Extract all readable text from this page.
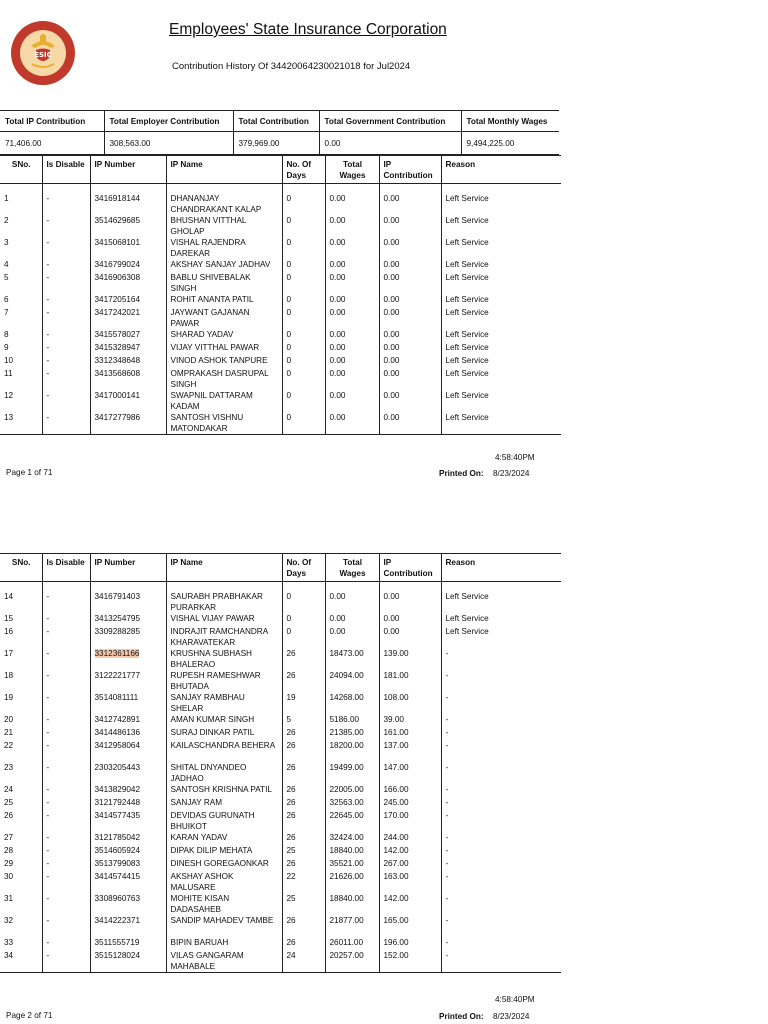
ESIC
Employees' State Insurance Corporation
Contribution History Of 34420064230021018 for Jul2024
Total IP Contribution	Total Employer Contribution	Total Contribution	Total Government Contribution	Total Monthly Wages
71,406.00	308,563.00	379,969.00	0.00	9,494,225.00
SNo.	Is Disable	IP Number	IP Name	No. Of Days	Total Wages	IP Contribution	Reason
1	-	3416918144	DHANANJAY CHANDRAKANT KALAP	0	0.00	0.00	Left Service
2	-	3514629685	BHUSHAN VITTHAL GHOLAP	0	0.00	0.00	Left Service
3	-	3415068101	VISHAL RAJENDRA DAREKAR	0	0.00	0.00	Left Service
4	-	3416799024	AKSHAY SANJAY JADHAV	0	0.00	0.00	Left Service
5	-	3416906308	BABLU SHIVEBALAK SINGH	0	0.00	0.00	Left Service
6	-	3417205164	ROHIT ANANTA PATIL	0	0.00	0.00	Left Service
7	-	3417242021	JAYWANT GAJANAN PAWAR	0	0.00	0.00	Left Service
8	-	3415578027	SHARAD YADAV	0	0.00	0.00	Left Service
9	-	3415328947	VIJAY VITTHAL PAWAR	0	0.00	0.00	Left Service
10	-	3312348648	VINOD ASHOK TANPURE	0	0.00	0.00	Left Service
11	-	3413568608	OMPRAKASH DASRUPAL SINGH	0	0.00	0.00	Left Service
12	-	3417000141	SWAPNIL DATTARAM KADAM	0	0.00	0.00	Left Service
13	-	3417277986	SANTOSH VISHNU MATONDAKAR	0	0.00	0.00	Left Service
4:58:40PM
Page 1 of 71	Printed On: 8/23/2024
SNo.	Is Disable	IP Number	IP Name	No. Of Days	Total Wages	IP Contribution	Reason
14	-	3416791403	SAURABH PRABHAKAR PURARKAR	0	0.00	0.00	Left Service
15	-	3413254795	VISHAL VIJAY PAWAR	0	0.00	0.00	Left Service
16	-	3309288285	INDRAJIT RAMCHANDRA KHARAVATEKAR	0	0.00	0.00	Left Service
17	-	3312361166	KRUSHNA SUBHASH BHALERAO	26	18473.00	139.00	-
18	-	3122221777	RUPESH RAMESHWAR BHUTADA	26	24094.00	181.00	-
19	-	3514081111	SANJAY RAMBHAU SHELAR	19	14268.00	108.00	-
20	-	3412742891	AMAN KUMAR SINGH	5	5186.00	39.00	-
21	-	3414486136	SURAJ DINKAR PATIL	26	21385.00	161.00	-
22	-	3412958064	KAILASCHANDRA BEHERA	26	18200.00	137.00	-
23	-	2303205443	SHITAL DNYANDEO JADHAO	26	19499.00	147.00	-
24	-	3413829042	SANTOSH KRISHNA PATIL	26	22005.00	166.00	-
25	-	3121792448	SANJAY RAM	26	32563.00	245.00	-
26	-	3414577435	DEVIDAS GURUNATH BHUIKOT	26	22645.00	170.00	-
27	-	3121785042	KARAN YADAV	26	32424.00	244.00	-
28	-	3514605924	DIPAK DILIP MEHATA	25	18840.00	142.00	-
29	-	3513799083	DINESH GOREGAONKAR	26	35521.00	267.00	-
30	-	3414574415	AKSHAY ASHOK MALUSARE	22	21626.00	163.00	-
31	-	3308960763	MOHITE KISAN DADASAHEB	25	18840.00	142.00	-
32	-	3414222371	SANDIP MAHADEV TAMBE	26	21877.00	165.00	-
33	-	3511555719	BIPIN BARUAH	26	26011.00	196.00	-
34	-	3515128024	VILAS GANGARAM MAHABALE	24	20257.00	152.00	-
4:58:40PM
Page 2 of 71	Printed On: 8/23/2024
